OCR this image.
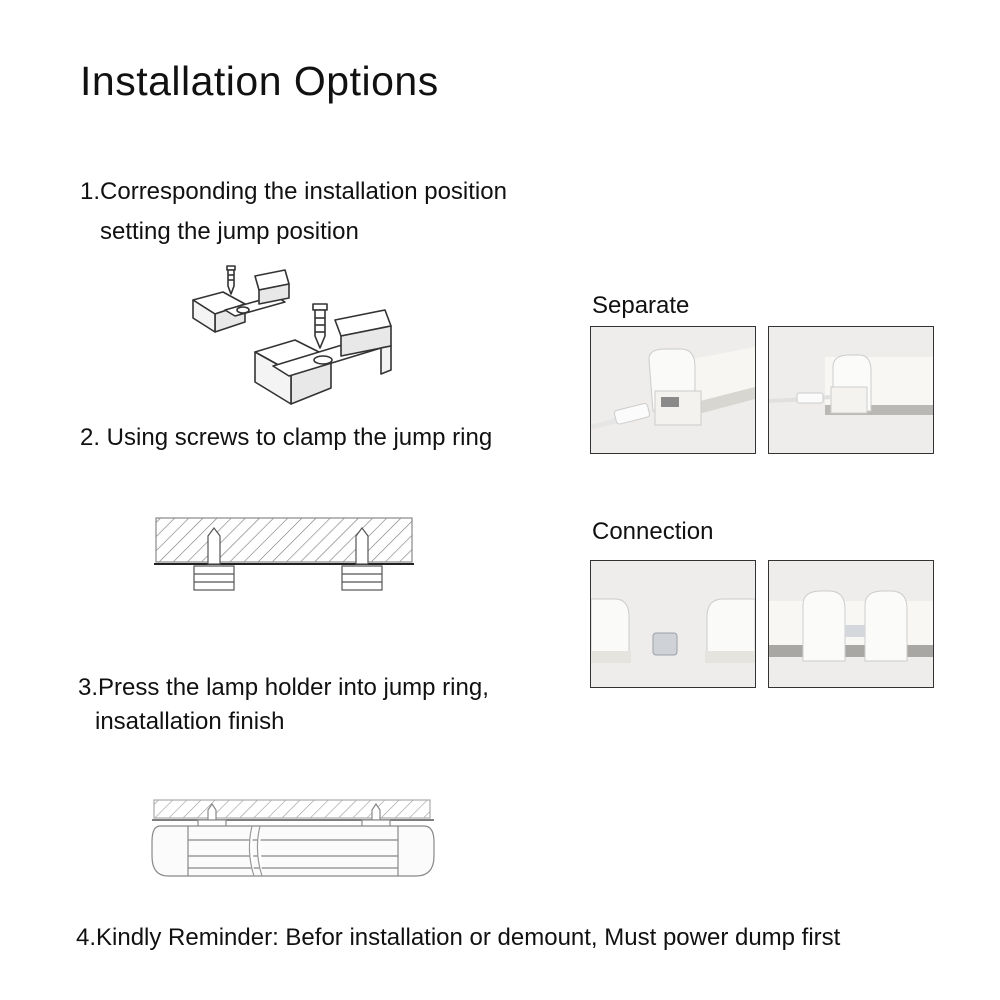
Installation Options
1.Corresponding the installation position
setting the jump position
2. Using screws to clamp the jump ring
3.Press the lamp holder into jump ring,
insatallation finish
4.Kindly Reminder: Befor installation or demount, Must power dump first
Separate
Connection
